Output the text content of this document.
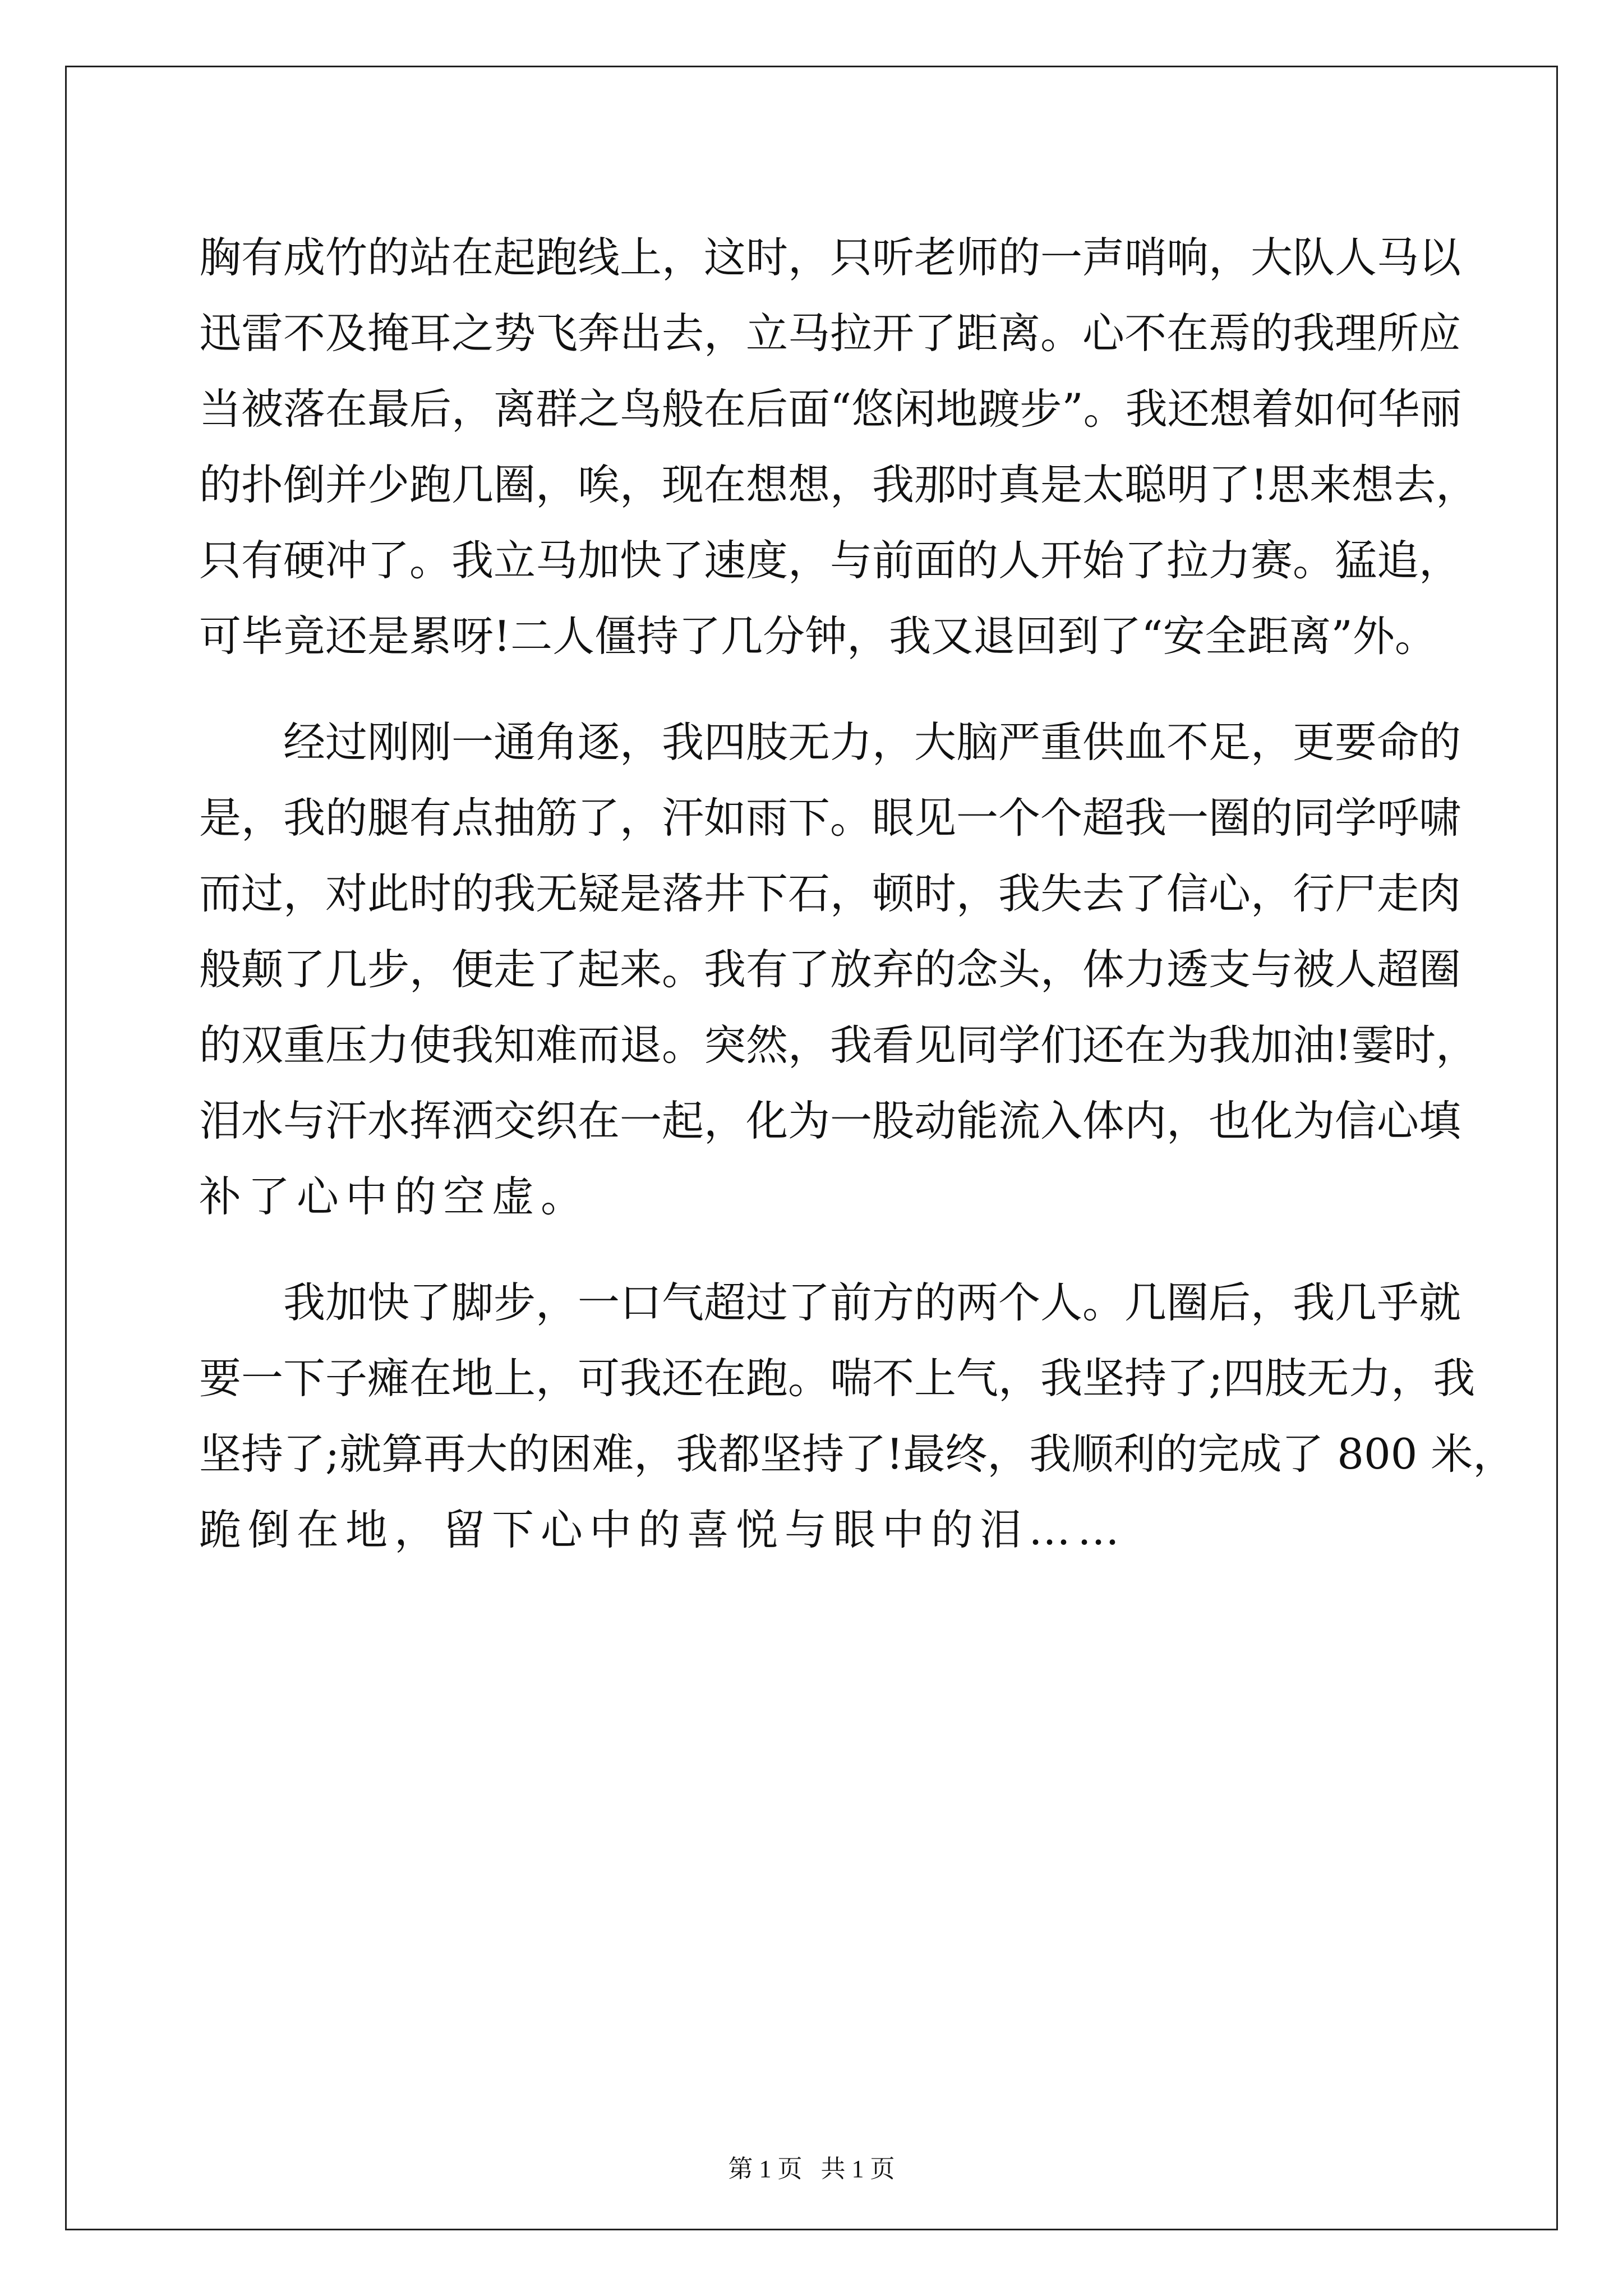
胸有成竹的站在起跑线上，这时，只听老师的一声哨响，大队人马以
迅雷不及掩耳之势飞奔出去，立马拉开了距离。心不在焉的我理所应
当被落在最后，离群之鸟般在后面“悠闲地踱步”。我还想着如何华丽
的扑倒并少跑几圈，唉，现在想想，我那时真是太聪明了!思来想去，
只有硬冲了。我立马加快了速度，与前面的人开始了拉力赛。猛追，
可毕竟还是累呀!二人僵持了几分钟，我又退回到了“安全距离”外。
经过刚刚一通角逐，我四肢无力，大脑严重供血不足，更要命的
是，我的腿有点抽筋了，汗如雨下。眼见一个个超我一圈的同学呼啸
而过，对此时的我无疑是落井下石，顿时，我失去了信心，行尸走肉
般颠了几步，便走了起来。我有了放弃的念头，体力透支与被人超圈
的双重压力使我知难而退。突然，我看见同学们还在为我加油!霎时，
泪水与汗水挥洒交织在一起，化为一股动能流入体内，也化为信心填
补了心中的空虚。
我加快了脚步，一口气超过了前方的两个人。几圈后，我几乎就
要一下子瘫在地上，可我还在跑。喘不上气，我坚持了;四肢无力，我
坚持了;就算再大的困难，我都坚持了!最终，我顺利的完成了 800 米，
跪倒在地，留下心中的喜悦与眼中的泪……
第 1 页 共 1 页
